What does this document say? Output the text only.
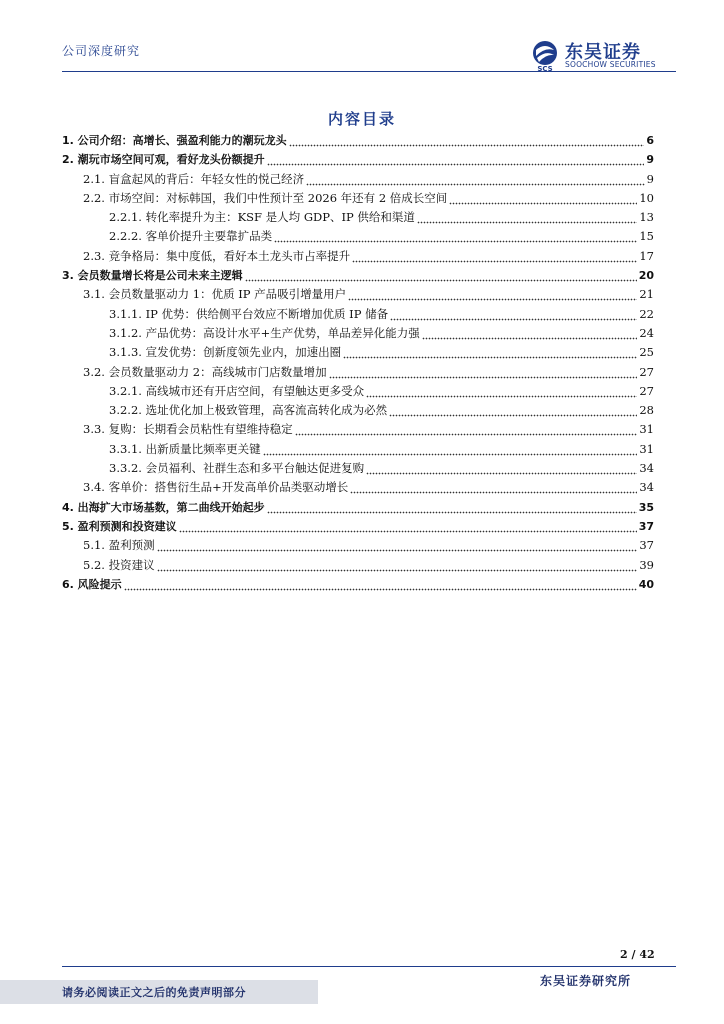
公司深度研究
SCS
东吴证券
SOOCHOW SECURITIES
内容目录
1. 公司介绍：高增长、强盈利能力的潮玩龙头	6
2. 潮玩市场空间可观，看好龙头份额提升	9
2.1. 盲盒起风的背后：年轻女性的悦己经济	9
2.2. 市场空间：对标韩国，我们中性预计至 2026 年还有 2 倍成长空间	10
2.2.1. 转化率提升为主：KSF 是人均 GDP、IP 供给和渠道	13
2.2.2. 客单价提升主要靠扩品类	15
2.3. 竞争格局：集中度低，看好本土龙头市占率提升	17
3. 会员数量增长将是公司未来主逻辑	20
3.1. 会员数量驱动力 1：优质 IP 产品吸引增量用户	21
3.1.1. IP 优势：供给侧平台效应不断增加优质 IP 储备	22
3.1.2. 产品优势：高设计水平+生产优势，单品差异化能力强	24
3.1.3. 宣发优势：创新度领先业内，加速出圈	25
3.2. 会员数量驱动力 2：高线城市门店数量增加	27
3.2.1. 高线城市还有开店空间，有望触达更多受众	27
3.2.2. 选址优化加上极致管理，高客流高转化成为必然	28
3.3. 复购：长期看会员粘性有望维持稳定	31
3.3.1. 出新质量比频率更关键	31
3.3.2. 会员福利、社群生态和多平台触达促进复购	34
3.4. 客单价：搭售衍生品+开发高单价品类驱动增长	34
4. 出海扩大市场基数，第二曲线开始起步	35
5. 盈利预测和投资建议	37
5.1. 盈利预测	37
5.2. 投资建议	39
6. 风险提示	40
2 / 42
请务必阅读正文之后的免责声明部分
东吴证券研究所
